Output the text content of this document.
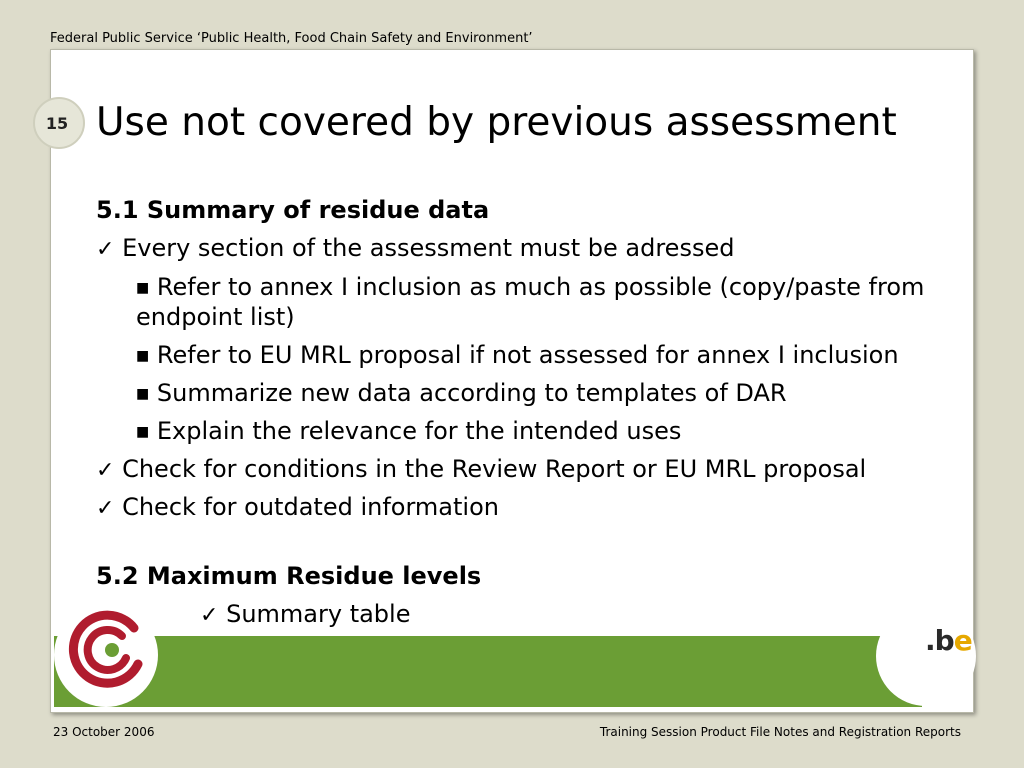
Federal Public Service ‘Public Health, Food Chain Safety and Environment’
15 Use not covered by previous assessment
5.1 Summary of residue data
✓ Every section of the assessment must be adressed
■ Refer to annex I inclusion as much as possible (copy/paste from endpoint list)
■ Refer to EU MRL proposal if not assessed for annex I inclusion
■ Summarize new data according to templates of DAR
■ Explain the relevance for the intended uses
✓ Check for conditions in the Review Report or EU MRL proposal
✓ Check for outdated information
5.2 Maximum Residue levels
✓ Summary table
.be
23 October 2006	Training Session Product File Notes and Registration Reports
